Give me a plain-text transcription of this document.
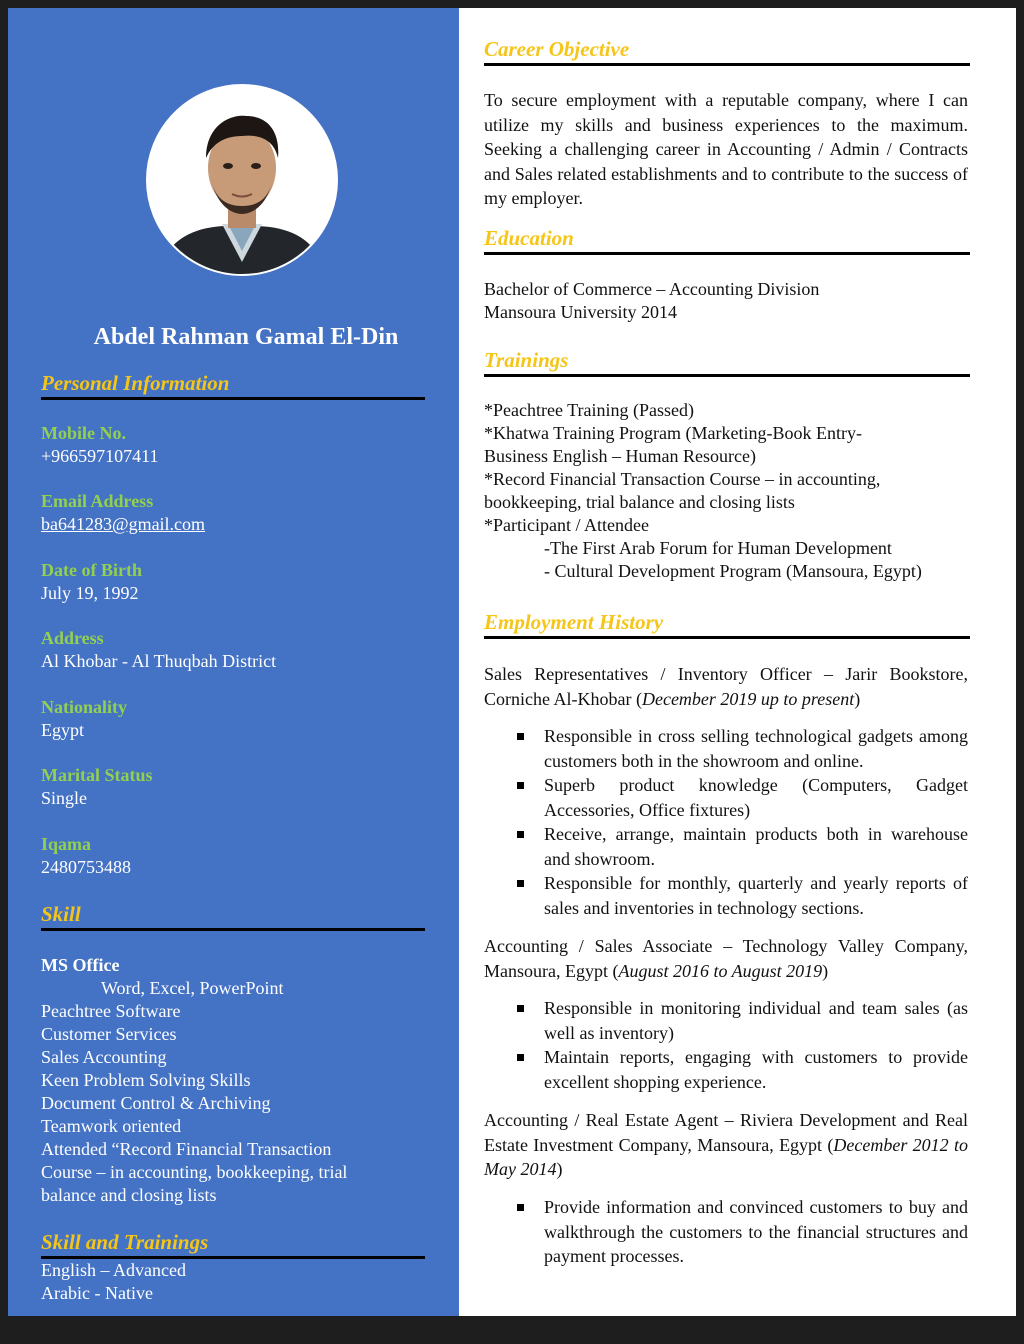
Abdel Rahman Gamal El-Din
Personal Information
Mobile No.
+966597107411
Email Address
ba641283@gmail.com
Date of Birth
July 19, 1992
Address
Al Khobar - Al Thuqbah District
Nationality
Egypt
Marital Status
Single
Iqama
2480753488
Skill
MS Office
Word, Excel, PowerPoint
Peachtree Software
Customer Services
Sales Accounting
Keen Problem Solving Skills
Document Control & Archiving
Teamwork oriented
Attended “Record Financial Transaction
Course – in accounting, bookkeeping, trial
balance and closing lists
Skill and Trainings
English – Advanced
Arabic - Native
Career Objective
To secure employment with a reputable company, where I can utilize my skills and business experiences to the maximum. Seeking a challenging career in Accounting / Admin / Contracts and Sales related establishments and to contribute to the success of my employer.
Education
Bachelor of Commerce – Accounting Division
Mansoura University 2014
Trainings
*Peachtree Training (Passed)
*Khatwa Training Program (Marketing-Book Entry-
Business English – Human Resource)
*Record Financial Transaction Course – in accounting,
bookkeeping, trial balance and closing lists
*Participant / Attendee
-The First Arab Forum for Human Development
- Cultural Development Program (Mansoura, Egypt)
Employment History
Sales Representatives / Inventory Officer – Jarir Bookstore, Corniche Al-Khobar (December 2019 up to present)
Responsible in cross selling technological gadgets among customers both in the showroom and online.
Superb product knowledge (Computers, Gadget Accessories, Office fixtures)
Receive, arrange, maintain products both in warehouse and showroom.
Responsible for monthly, quarterly and yearly reports of sales and inventories in technology sections.
Accounting / Sales Associate – Technology Valley Company, Mansoura, Egypt (August 2016 to August 2019)
Responsible in monitoring individual and team sales (as well as inventory)
Maintain reports, engaging with customers to provide excellent shopping experience.
Accounting / Real Estate Agent – Riviera Development and Real Estate Investment Company, Mansoura, Egypt (December 2012 to May 2014)
Provide information and convinced customers to buy and walkthrough the customers to the financial structures and payment processes.
